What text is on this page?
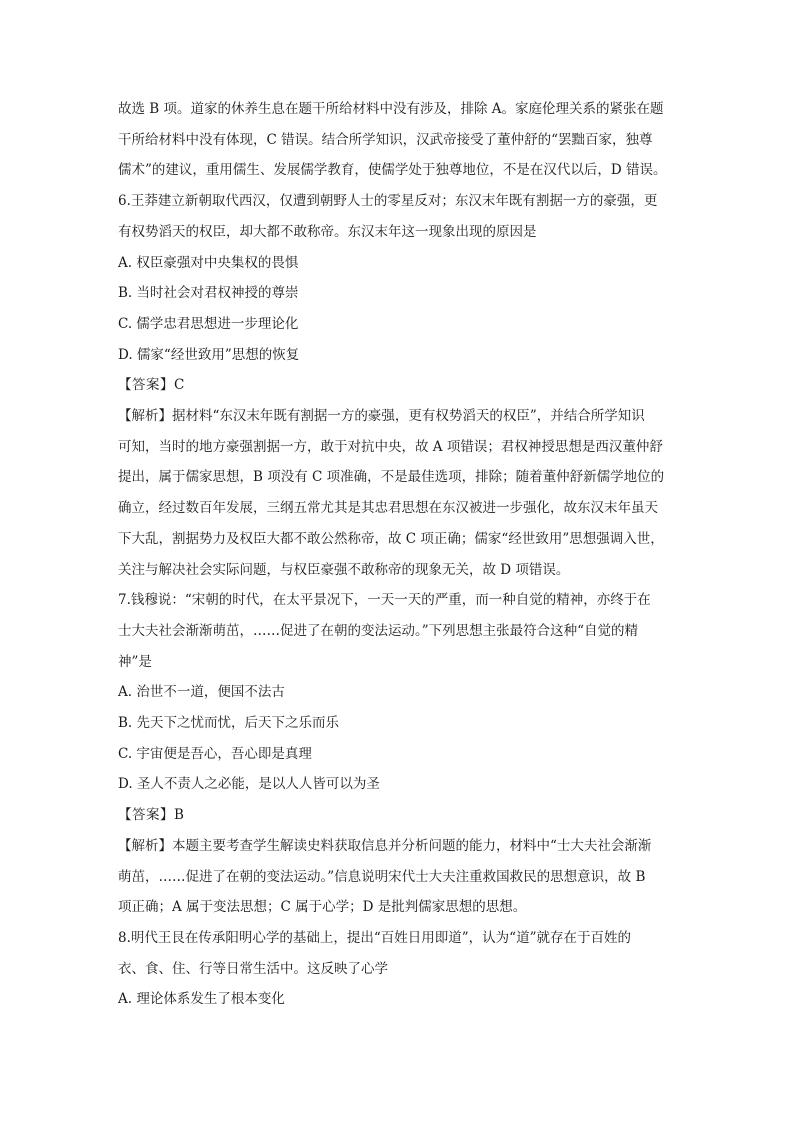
故选 B 项。道家的休养生息在题干所给材料中没有涉及，排除 A。家庭伦理关系的紧张在题

干所给材料中没有体现，C 错误。结合所学知识，汉武帝接受了董仲舒的“罢黜百家，独尊

儒术”的建议，重用儒生、发展儒学教育，使儒学处于独尊地位，不是在汉代以后，D 错误。

6.王莽建立新朝取代西汉，仅遭到朝野人士的零星反对；东汉末年既有割据一方的豪强，更

有权势滔天的权臣，却大都不敢称帝。东汉末年这一现象出现的原因是

A. 权臣豪强对中央集权的畏惧

B. 当时社会对君权神授的尊崇

C. 儒学忠君思想进一步理论化

D. 儒家“经世致用”思想的恢复

【答案】C

【解析】据材料“东汉末年既有割据一方的豪强，更有权势滔天的权臣”，并结合所学知识

可知，当时的地方豪强割据一方，敢于对抗中央，故 A 项错误；君权神授思想是西汉董仲舒

提出，属于儒家思想，B 项没有 C 项准确，不是最佳选项，排除；随着董仲舒新儒学地位的

确立，经过数百年发展，三纲五常尤其是其忠君思想在东汉被进一步强化，故东汉末年虽天

下大乱，割据势力及权臣大都不敢公然称帝，故 C 项正确；儒家“经世致用”思想强调入世，

关注与解决社会实际问题，与权臣豪强不敢称帝的现象无关，故 D 项错误。

7.钱穆说：“宋朝的时代，在太平景况下，一天一天的严重，而一种自觉的精神，亦终于在

士大夫社会渐渐萌茁，……促进了在朝的变法运动。”下列思想主张最符合这种“自觉的精

神”是

A. 治世不一道，便国不法古

B. 先天下之忧而忧，后天下之乐而乐

C. 宇宙便是吾心，吾心即是真理

D. 圣人不责人之必能，是以人人皆可以为圣

【答案】B

【解析】本题主要考查学生解读史料获取信息并分析问题的能力，材料中“士大夫社会渐渐

萌茁，……促进了在朝的变法运动。”信息说明宋代士大夫注重救国救民的思想意识，故 B

项正确；A 属于变法思想；C 属于心学；D 是批判儒家思想的思想。

8.明代王艮在传承阳明心学的基础上，提出“百姓日用即道”，认为“道”就存在于百姓的

衣、食、住、行等日常生活中。这反映了心学

A. 理论体系发生了根本变化
